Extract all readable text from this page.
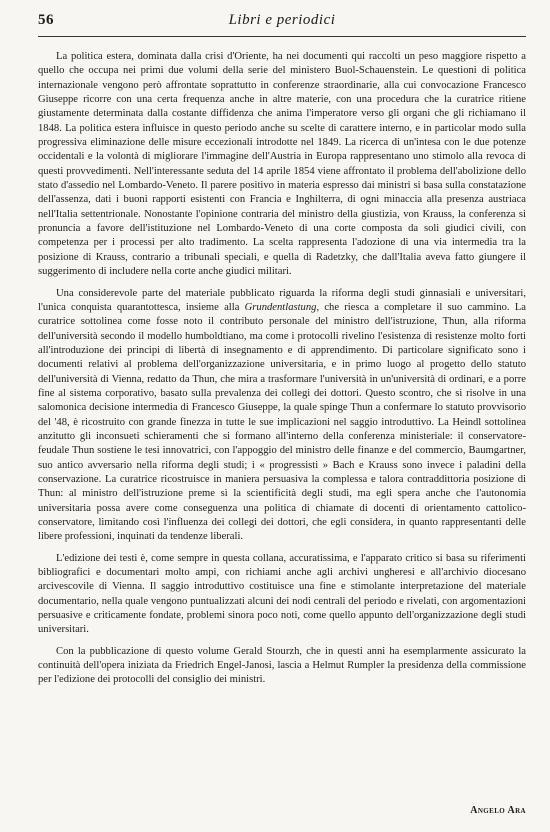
56	Libri e periodici

La politica estera, dominata dalla crisi d'Oriente, ha nei documenti qui raccolti un peso maggiore rispetto a quello che occupa nei primi due volumi della serie del ministero Buol-Schauenstein. Le questioni di politica internazionale vengono però affrontate soprattutto in conferenze straordinarie, alla cui convocazione Francesco Giuseppe ricorre con una certa frequenza anche in altre materie, con una procedura che la curatrice ritiene giustamente determinata dalla costante diffidenza che anima l'imperatore verso gli organi che gli richiamano il 1848. La politica estera influisce in questo periodo anche su scelte di carattere interno, e in particolar modo sulla progressiva eliminazione delle misure eccezionali introdotte nel 1849. La ricerca di un'intesa con le due potenze occidentali e la volontà di migliorare l'immagine dell'Austria in Europa rappresentano uno stimolo alla revoca di questi provvedimenti. Nell'interessante seduta del 14 aprile 1854 viene affrontato il problema dell'abolizione dello stato d'assedio nel Lombardo-Veneto. Il parere positivo in materia espresso dai ministri si basa sulla constatazione dell'assenza, dati i buoni rapporti esistenti con Francia e Inghilterra, di ogni minaccia alla presenza austriaca nell'Italia settentrionale. Nonostante l'opinione contraria del ministro della giustizia, von Krauss, la conferenza si pronuncia a favore dell'istituzione nel Lombardo-Veneto di una corte composta da soli giudici civili, con competenza per i processi per alto tradimento. La scelta rappresenta l'adozione di una via intermedia tra la posizione di Krauss, contrario a tribunali speciali, e quella di Radetzky, che dall'Italia aveva fatto giungere il suggerimento di includere nella corte anche giudici militari.

Una considerevole parte del materiale pubblicato riguarda la riforma degli studi ginnasiali e universitari, l'unica conquista quarantottesca, insieme alla Grundentlastung, che riesca a completare il suo cammino. La curatrice sottolinea come fosse noto il contributo personale del ministro dell'istruzione, Thun, alla riforma dell'università secondo il modello humboldtiano, ma come i protocolli rivelino l'esistenza di resistenze molto forti all'introduzione dei principi di libertà di insegnamento e di apprendimento. Di particolare significato sono i documenti relativi al problema dell'organizzazione universitaria, e in primo luogo al progetto dello statuto dell'università di Vienna, redatto da Thun, che mira a trasformare l'università in un'università di ordinari, e a porre fine al sistema corporativo, basato sulla prevalenza dei collegi dei dottori. Questo scontro, che si risolve in una salomonica decisione intermedia di Francesco Giuseppe, la quale spinge Thun a confermare lo statuto provvisorio del '48, è ricostruito con grande finezza in tutte le sue implicazioni nel saggio introduttivo. La Heindl sottolinea anzitutto gli inconsueti schieramenti che si formano all'interno della conferenza ministeriale: il conservatore-feudale Thun sostiene le tesi innovatrici, con l'appoggio del ministro delle finanze e del commercio, Baumgartner, suo antico avversario nella riforma degli studi; i « progressisti » Bach e Krauss sono invece i paladini della conservazione. La curatrice ricostruisce in maniera persuasiva la complessa e talora contraddittoria posizione di Thun: al ministro dell'istruzione preme sì la scientificità degli studi, ma egli spera anche che l'autonomia universitaria possa avere come conseguenza una politica di chiamate di docenti di orientamento cattolico-conservatore, limitando così l'influenza dei collegi dei dottori, che egli considera, in quanto rappresentanti delle libere professioni, inquinati da tendenze liberali.

L'edizione dei testi è, come sempre in questa collana, accuratissima, e l'apparato critico si basa su riferimenti bibliografici e documentari molto ampi, con richiami anche agli archivi ungheresi e all'archivio diocesano arcivescovile di Vienna. Il saggio introduttivo costituisce una fine e stimolante interpretazione del materiale documentario, nella quale vengono puntualizzati alcuni dei nodi centrali del periodo e rivelati, con argomentazioni persuasive e criticamente fondate, problemi sinora poco noti, come quello appunto dell'organizzazione degli studi universitari.

Con la pubblicazione di questo volume Gerald Stourzh, che in questi anni ha esemplarmente assicurato la continuità dell'opera iniziata da Friedrich Engel-Janosi, lascia a Helmut Rumpler la presidenza della commissione per l'edizione dei protocolli del consiglio dei ministri.

Angelo Ara
